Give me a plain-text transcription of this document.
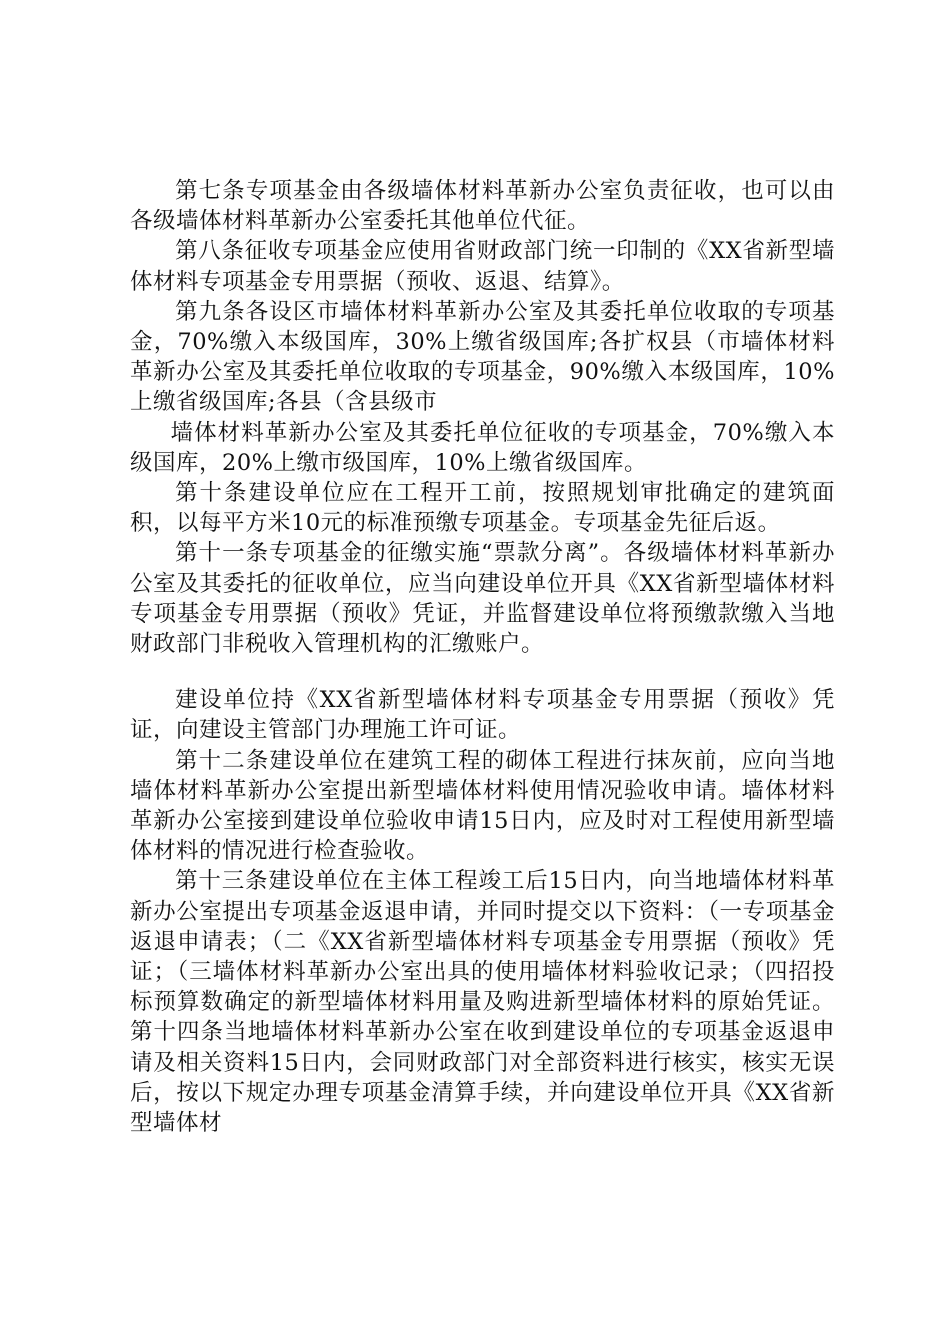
第七条专项基金由各级墙体材料革新办公室负责征收，也可以由各级墙体材料革新办公室委托其他单位代征。

第八条征收专项基金应使用省财政部门统一印制的《XX省新型墙体材料专项基金专用票据（预收、返退、结算》。

第九条各设区市墙体材料革新办公室及其委托单位收取的专项基金，70%缴入本级国库，30%上缴省级国库;各扩权县（市墙体材料革新办公室及其委托单位收取的专项基金，90%缴入本级国库，10%上缴省级国库;各县（含县级市

墙体材料革新办公室及其委托单位征收的专项基金，70%缴入本级国库，20%上缴市级国库，10%上缴省级国库。

第十条建设单位应在工程开工前，按照规划审批确定的建筑面积，以每平方米10元的标准预缴专项基金。专项基金先征后返。

第十一条专项基金的征缴实施“票款分离”。各级墙体材料革新办公室及其委托的征收单位，应当向建设单位开具《XX省新型墙体材料专项基金专用票据（预收》凭证，并监督建设单位将预缴款缴入当地财政部门非税收入管理机构的汇缴账户。

建设单位持《XX省新型墙体材料专项基金专用票据（预收》凭证，向建设主管部门办理施工许可证。

第十二条建设单位在建筑工程的砌体工程进行抹灰前，应向当地墙体材料革新办公室提出新型墙体材料使用情况验收申请。墙体材料革新办公室接到建设单位验收申请15日内，应及时对工程使用新型墙体材料的情况进行检查验收。

第十三条建设单位在主体工程竣工后15日内，向当地墙体材料革新办公室提出专项基金返退申请，并同时提交以下资料：（一专项基金返退申请表；（二《XX省新型墙体材料专项基金专用票据（预收》凭证；（三墙体材料革新办公室出具的使用墙体材料验收记录；（四招投标预算数确定的新型墙体材料用量及购进新型墙体材料的原始凭证。第十四条当地墙体材料革新办公室在收到建设单位的专项基金返退申请及相关资料15日内，会同财政部门对全部资料进行核实，核实无误后，按以下规定办理专项基金清算手续，并向建设单位开具《XX省新型墙体材
